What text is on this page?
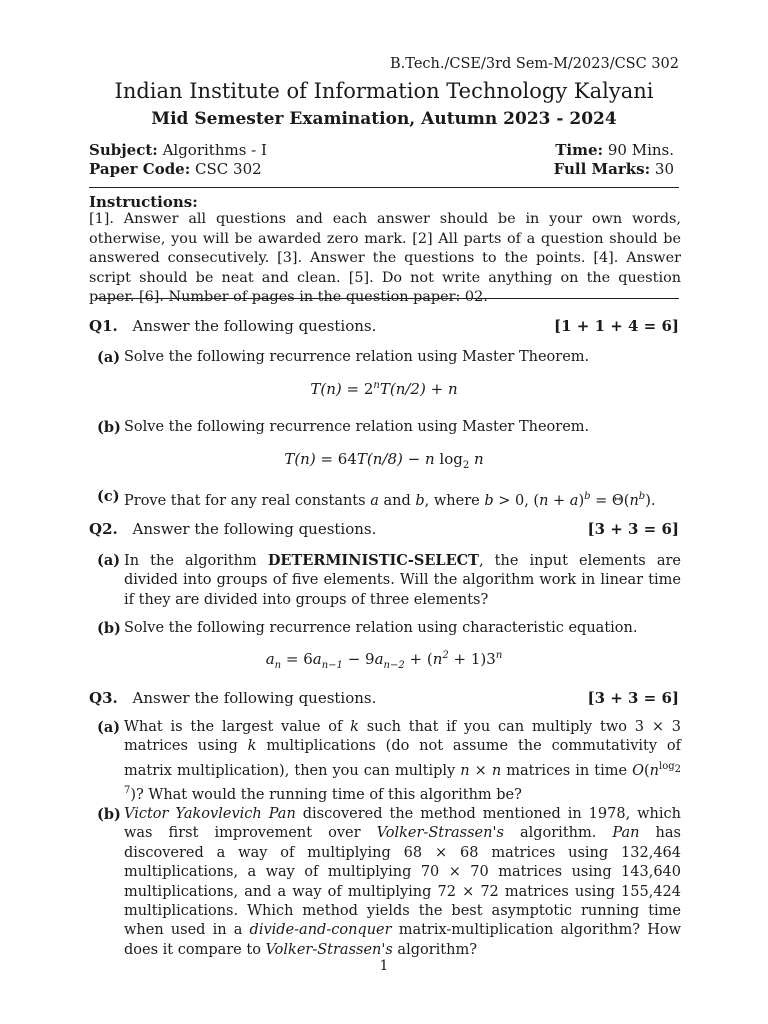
B.Tech./CSE/3rd Sem-M/2023/CSC 302
Indian Institute of Information Technology Kalyani
Mid Semester Examination, Autumn 2023 - 2024
Subject: Algorithms - I
Paper Code: CSC 302
Time: 90 Mins.
Full Marks: 30
Instructions:
[1]. Answer all questions and each answer should be in your own words, otherwise, you will be awarded zero mark. [2] All parts of a question should be answered consecutively. [3]. Answer the questions to the points. [4]. Answer script should be neat and clean. [5]. Do not write anything on the question paper. [6]. Number of pages in the question paper: 02.
Q1. Answer the following questions.	[1 + 1 + 4 = 6]
(a) Solve the following recurrence relation using Master Theorem.
$T(n) = 2^nT(n/2) + n$
(b) Solve the following recurrence relation using Master Theorem.
T(n) = 64T(n/8) − n $\log_2 n$
(c) Prove that for any real constants a and b, where b > 0, $(n + a)^b = \Theta(n^b)$.
Q2. Answer the following questions.	[3 + 3 = 6]
(a) In the algorithm DETERMINISTIC-SELECT, the input elements are divided into groups of five elements. Will the algorithm work in linear time if they are divided into groups of three elements?
(b) Solve the following recurrence relation using characteristic equation.
$a_n = 6a_{n-1} - 9a_{n-2} + (n^2 + 1)3^n$
Q3. Answer the following questions.	[3 + 3 = 6]
(a) What is the largest value of k such that if you can multiply two 3 × 3 matrices using k multiplications (do not assume the commutativity of matrix multiplication), then you can multiply n × n matrices in time $O(n^{log_2 7})$? What would the running time of this algorithm be?
(b) Victor Yakovlevich Pan discovered the method mentioned in 1978, which was first improvement over Volker-Strassen's algorithm. Pan has discovered a way of multiplying 68 × 68 matrices using 132,464 multiplications, a way of multiplying 70 × 70 matrices using 143,640 multiplications, and a way of multiplying 72 × 72 matrices using 155,424 multiplications. Which method yields the best asymptotic running time when used in a divide-and-conquer matrix-multiplication algorithm? How does it compare to Volker-Strassen's algorithm?
1
